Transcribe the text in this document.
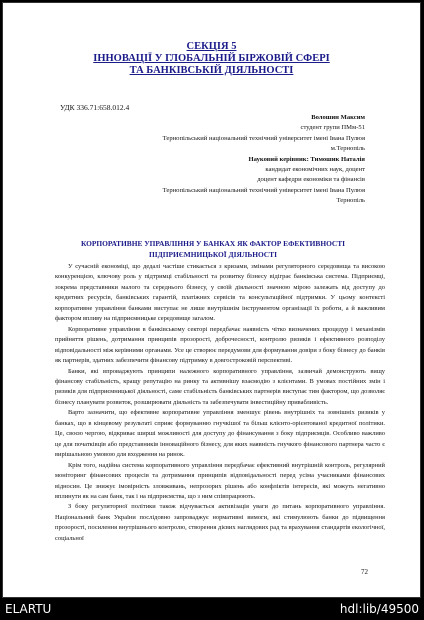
СЕКЦІЯ 5
ІННОВАЦІЇ У ГЛОБАЛЬНІЙ БІРЖОВІЙ СФЕРІ
ТА БАНКІВСЬКІЙ ДІЯЛЬНОСТІ
УДК 336.71:658.012.4
Волошин Максим
студент групи ПМм-51
Тернопільський національний технічний університет імені Івана Пулюя
м.Тернопіль
Науковий керівник: Тимошик Наталія
кандидат економічних наук, доцент
доцент кафедри економіки та фінансів
Тернопільський національний технічний університет імені Івана Пулюя
Тернопіль
КОРПОРАТИВНЕ УПРАВЛІННЯ У БАНКАХ ЯК ФАКТОР ЕФЕКТИВНОСТІ
ПІДПРИЄМНИЦЬКОЇ ДІЯЛЬНОСТІ

У сучасній економіці, що дедалі частіше стикається з кризами, змінами регуляторного середовища та високою конкуренцією, ключову роль у підтримці стабільності та розвитку бізнесу відіграє банківська система. Підприємці, зокрема представники малого та середнього бізнесу, у своїй діяльності значною мірою залежать від доступу до кредитних ресурсів, банківських гарантій, платіжних сервісів та консультаційної підтримки. У цьому контексті корпоративне управління банками виступає не лише внутрішнім інструментом організації їх роботи, а й важливим фактором впливу на підприємницьке середовище загалом.

Корпоративне управління в банківському секторі передбачає наявність чітко визначених процедур і механізмів прийняття рішень, дотримання принципів прозорості, доброчесності, контролю ризиків і ефективного розподілу відповідальності між керівними органами. Усе це створює передумови для формування довіри з боку бізнесу до банків як партнерів, здатних забезпечити фінансову підтримку в довгостроковій перспективі.

Банки, які впроваджують принципи належного корпоративного управління, зазвичай демонструють вищу фінансову стабільність, кращу репутацію на ринку та активнішу взаємодію з клієнтами. В умовах постійних змін і ризиків для підприємницької діяльності, саме стабільність банківських партнерів виступає тим фактором, що дозволяє бізнесу планувати розвиток, розширювати діяльність та забезпечувати інвестиційну привабливість.

Варто зазначити, що ефективне корпоративне управління зменшує рівень внутрішніх та зовнішніх ризиків у банках, що в кінцевому результаті сприяє формуванню гнучкішої та більш клієнто-орієнтованої кредитної політики. Це, своєю чергою, відкриває ширші можливості для доступу до фінансування з боку підприємців. Особливо важливо це для початківців або представників інноваційного бізнесу, для яких наявність гнучкого фінансового партнера часто є вирішальною умовою для входження на ринок.

Крім того, надійна система корпоративного управління передбачає ефективний внутрішній контроль, регулярний моніторинг фінансових процесів та дотримання принципів відповідальності перед усіма учасниками фінансових відносин. Це знижує імовірність зловживань, непрозорих рішень або конфліктів інтересів, які можуть негативно вплинути як на сам банк, так і на підприємства, що з ним співпрацюють.

З боку регуляторної політики також відчувається активізація уваги до питань корпоративного управління. Національний банк України послідовно запроваджує нормативні вимоги, які стимулюють банки до підвищення прозорості, посилення внутрішнього контролю, створення дієвих наглядових рад та врахування стандартів екологічної, соціальної

72
ELARTU	hdl:lib/49500
